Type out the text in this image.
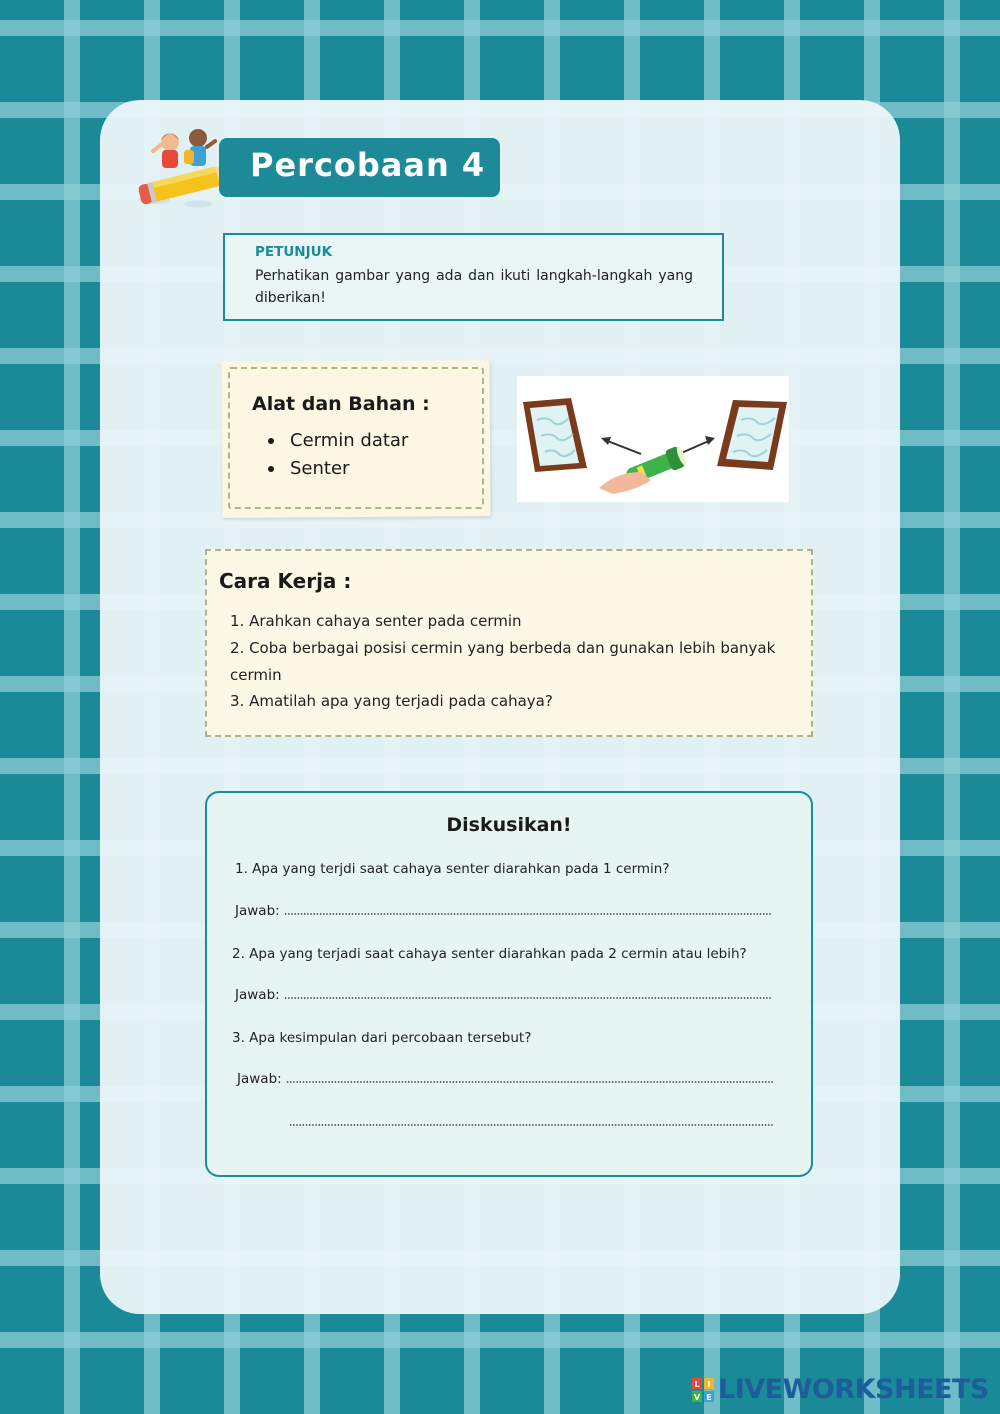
Percobaan 4
PETUNJUK
Perhatikan gambar yang ada dan ikuti langkah-langkah yang diberikan!
Alat dan Bahan :
Cermin datar
Senter
Cara Kerja :
1. Arahkan cahaya senter pada cermin
2. Coba berbagai posisi cermin yang berbeda dan gunakan lebih banyak
cermin
3. Amatilah apa yang terjadi pada cahaya?
Diskusikan!
1. Apa yang terjdi saat cahaya senter diarahkan pada 1 cermin?
Jawab:
2. Apa yang terjadi saat cahaya senter diarahkan pada 2 cermin atau lebih?
Jawab:
3. Apa kesimpulan dari percobaan tersebut?
Jawab:
L I
V E LIVEWORKSHEETS
